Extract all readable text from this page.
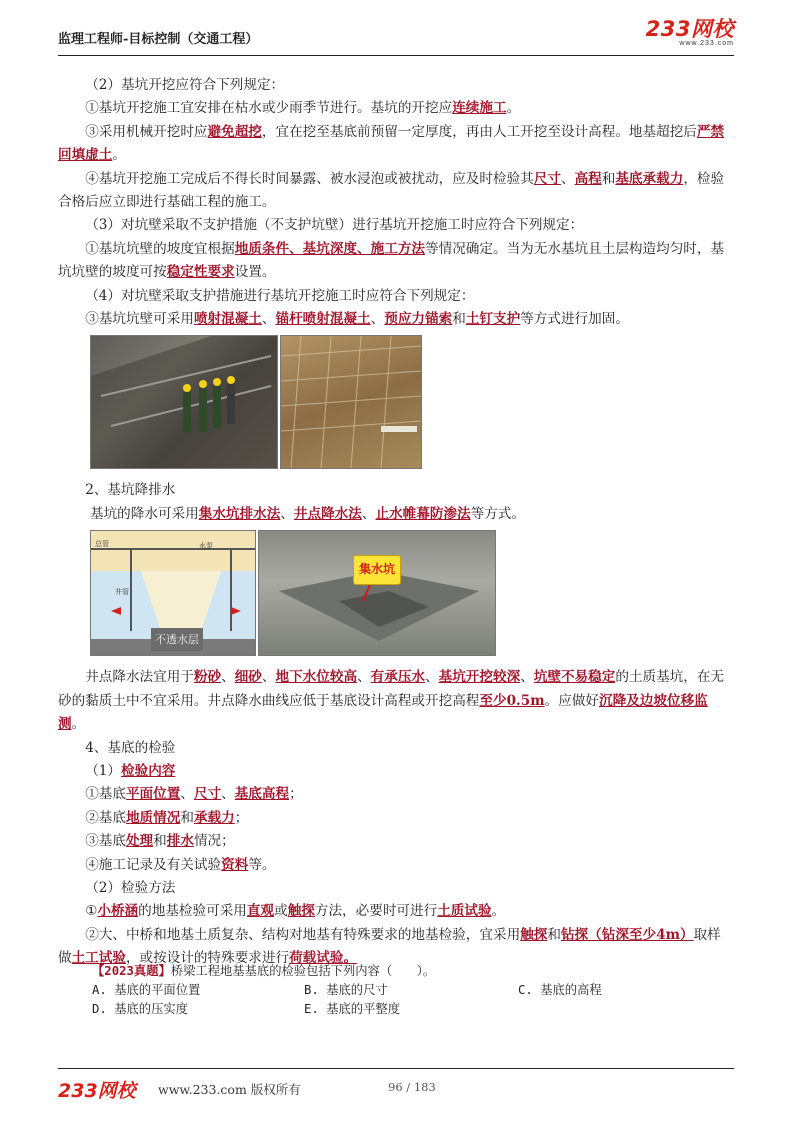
监理工程师-目标控制（交通工程）	233网校
www.233.com

（2）基坑开挖应符合下列规定：

①基坑开挖施工宜安排在枯水或少雨季节进行。基坑的开挖应连续施工。

③采用机械开挖时应避免超挖，宜在挖至基底前预留一定厚度，再由人工开挖至设计高程。地基超挖后严禁回填虚土。

④基坑开挖施工完成后不得长时间暴露、被水浸泡或被扰动，应及时检验其尺寸、高程和基底承载力，检验合格后应立即进行基础工程的施工。

（3）对坑壁采取不支护措施（不支护坑壁）进行基坑开挖施工时应符合下列规定：

①基坑坑壁的坡度宜根据地质条件、基坑深度、施工方法等情况确定。当为无水基坑且土层构造均匀时，基坑坑壁的坡度可按稳定性要求设置。

（4）对坑壁采取支护措施进行基坑开挖施工时应符合下列规定：

③基坑坑壁可采用喷射混凝土、锚杆喷射混凝土、预应力锚索和土钉支护等方式进行加固。

2、基坑降排水

基坑的降水可采用集水坑排水法、井点降水法、止水帷幕防渗法等方式。

总管	水泵
井管
不透水层
集水坑

井点降水法宜用于粉砂、细砂、地下水位较高、有承压水、基坑开挖较深、坑壁不易稳定的土质基坑，在无砂的黏质土中不宜采用。井点降水曲线应低于基底设计高程或开挖高程至少0.5m。应做好沉降及边坡位移监测。

4、基底的检验

（1）检验内容

①基底平面位置、尺寸、基底高程；

②基底地质情况和承载力；

③基底处理和排水情况；

④施工记录及有关试验资料等。

（2）检验方法

①小桥涵的地基检验可采用直观或触探方法，必要时可进行土质试验。

②大、中桥和地基土质复杂、结构对地基有特殊要求的地基检验，宜采用触探和钻探（钻深至少4m）取样做土工试验，或按设计的特殊要求进行荷载试验。

【2023真题】桥梁工程地基基底的检验包括下列内容（　　）。
A. 基底的平面位置	B. 基底的尺寸	C. 基底的高程
D. 基底的压实度	E. 基底的平整度
233网校 www.233.com 版权所有	96 / 183
